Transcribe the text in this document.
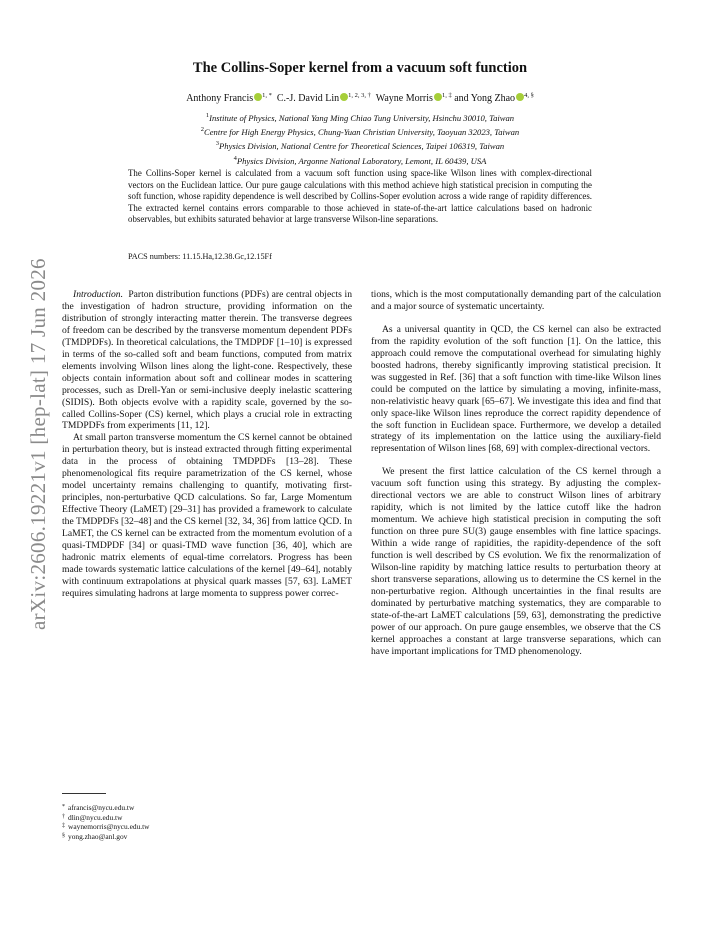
arXiv:2606.19221v1 [hep-lat] 17 Jun 2026
The Collins-Soper kernel from a vacuum soft function
Anthony Francis $^{1, *}$ C.-J. David Lin $^{1, 2, 3, \dagger}$ Wayne Morris $^{1, \ddagger}$ and Yong Zhao $^{4, \S}$
$^1$Institute of Physics, National Yang Ming Chiao Tung University, Hsinchu 30010, Taiwan
$^2$Centre for High Energy Physics, Chung-Yuan Christian University, Taoyuan 32023, Taiwan
$^3$Physics Division, National Centre for Theoretical Sciences, Taipei 106319, Taiwan
$^4$Physics Division, Argonne National Laboratory, Lemont, IL 60439, USA
The Collins-Soper kernel is calculated from a vacuum soft function using space-like Wilson lines with complex-directional vectors on the Euclidean lattice. Our pure gauge calculations with this method achieve high statistical precision in computing the soft function, whose rapidity dependence is well described by Collins-Soper evolution across a wide range of rapidity differences. The extracted kernel contains errors comparable to those achieved in state-of-the-art lattice calculations based on hadronic observables, but exhibits saturated behavior at large transverse Wilson-line separations.
PACS numbers: 11.15.Ha,12.38.Gc,12.15Ff

Introduction. Parton distribution functions (PDFs) are central objects in the investigation of hadron structure, providing information on the distribution of strongly interacting matter therein. The transverse degrees of freedom can be described by the transverse momentum dependent PDFs (TMDPDFs). In theoretical calculations, the TMDPDF [1–10] is expressed in terms of the so-called soft and beam functions, computed from matrix elements involving Wilson lines along the light-cone. Respectively, these objects contain information about soft and collinear modes in scattering processes, such as Drell-Yan or semi-inclusive deeply inelastic scattering (SIDIS). Both objects evolve with a rapidity scale, governed by the so-called Collins-Soper (CS) kernel, which plays a crucial role in extracting TMDPDFs from experiments [11, 12].

At small parton transverse momentum the CS kernel cannot be obtained in perturbation theory, but is instead extracted through fitting experimental data in the process of obtaining TMDPDFs [13–28]. These phenomenological fits require parametrization of the CS kernel, whose model uncertainty remains challenging to quantify, motivating first-principles, non-perturbative QCD calculations. So far, Large Momentum Effective Theory (LaMET) [29–31] has provided a framework to calculate the TMDPDFs [32–48] and the CS kernel [32, 34, 36] from lattice QCD. In LaMET, the CS kernel can be extracted from the momentum evolution of a quasi-TMDPDF [34] or quasi-TMD wave function [36, 40], which are hadronic matrix elements of equal-time correlators. Progress has been made towards systematic lattice calculations of the kernel [49–64], notably with continuum extrapolations at physical quark masses [57, 63]. LaMET requires simulating hadrons at large momenta to suppress power correc-

tions, which is the most computationally demanding part of the calculation and a major source of systematic uncertainty.

As a universal quantity in QCD, the CS kernel can also be extracted from the rapidity evolution of the soft function [1]. On the lattice, this approach could remove the computational overhead for simulating highly boosted hadrons, thereby significantly improving statistical precision. It was suggested in Ref. [36] that a soft function with time-like Wilson lines could be computed on the lattice by simulating a moving, infinite-mass, non-relativistic heavy quark [65–67]. We investigate this idea and find that only space-like Wilson lines reproduce the correct rapidity dependence of the soft function in Euclidean space. Furthermore, we develop a detailed strategy of its implementation on the lattice using the auxiliary-field representation of Wilson lines [68, 69] with complex-directional vectors.

We present the first lattice calculation of the CS kernel through a vacuum soft function using this strategy. By adjusting the complex-directional vectors we are able to construct Wilson lines of arbitrary rapidity, which is not limited by the lattice cutoff like the hadron momentum. We achieve high statistical precision in computing the soft function on three pure SU(3) gauge ensembles with fine lattice spacings. Within a wide range of rapidities, the rapidity-dependence of the soft function is well described by CS evolution. We fix the renormalization of Wilson-line rapidity by matching lattice results to perturbation theory at short transverse separations, allowing us to determine the CS kernel in the non-perturbative region. Although uncertainties in the final results are dominated by perturbative matching systematics, they are comparable to state-of-the-art LaMET calculations [59, 63], demonstrating the predictive power of our approach. On pure gauge ensembles, we observe that the CS kernel approaches a constant at large transverse separations, which can have important implications for TMD phenomenology.

* afrancis@nycu.edu.tw
† dlin@nycu.edu.tw
‡ waynemorris@nycu.edu.tw
§ yong.zhao@anl.gov
